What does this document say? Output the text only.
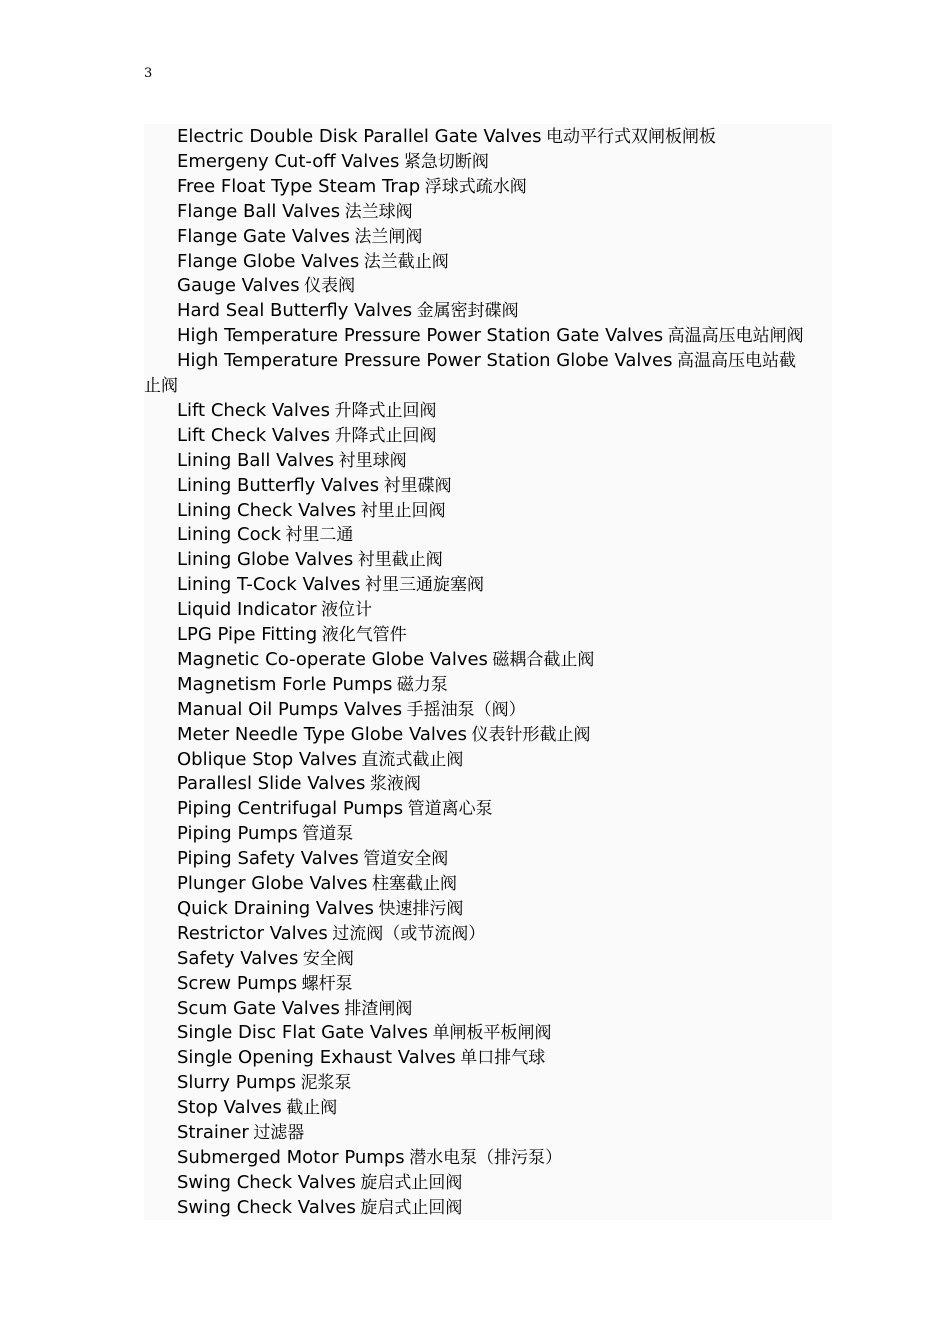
3
Electric Double Disk Parallel Gate Valves 电动平行式双闸板闸板
Emergeny Cut-off Valves 紧急切断阀
Free Float Type Steam Trap 浮球式疏水阀
Flange Ball Valves 法兰球阀
Flange Gate Valves 法兰闸阀
Flange Globe Valves 法兰截止阀
Gauge Valves 仪表阀
Hard Seal Butterfly Valves 金属密封碟阀
High Temperature Pressure Power Station Gate Valves 高温高压电站闸阀
High Temperature Pressure Power Station Globe Valves 高温高压电站截
止阀
Lift Check Valves 升降式止回阀
Lift Check Valves 升降式止回阀
Lining Ball Valves 衬里球阀
Lining Butterfly Valves 衬里碟阀
Lining Check Valves 衬里止回阀
Lining Cock 衬里二通
Lining Globe Valves 衬里截止阀
Lining T-Cock Valves 衬里三通旋塞阀
Liquid Indicator 液位计
LPG Pipe Fitting 液化气管件
Magnetic Co-operate Globe Valves 磁耦合截止阀
Magnetism Forle Pumps 磁力泵
Manual Oil Pumps Valves 手摇油泵（阀）
Meter Needle Type Globe Valves 仪表针形截止阀
Oblique Stop Valves 直流式截止阀
Parallesl Slide Valves 浆液阀
Piping Centrifugal Pumps 管道离心泵
Piping Pumps 管道泵
Piping Safety Valves 管道安全阀
Plunger Globe Valves 柱塞截止阀
Quick Draining Valves 快速排污阀
Restrictor Valves 过流阀（或节流阀）
Safety Valves 安全阀
Screw Pumps 螺杆泵
Scum Gate Valves 排渣闸阀
Single Disc Flat Gate Valves 单闸板平板闸阀
Single Opening Exhaust Valves 单口排气球
Slurry Pumps 泥浆泵
Stop Valves 截止阀
Strainer 过滤器
Submerged Motor Pumps 潜水电泵（排污泵）
Swing Check Valves 旋启式止回阀
Swing Check Valves 旋启式止回阀
